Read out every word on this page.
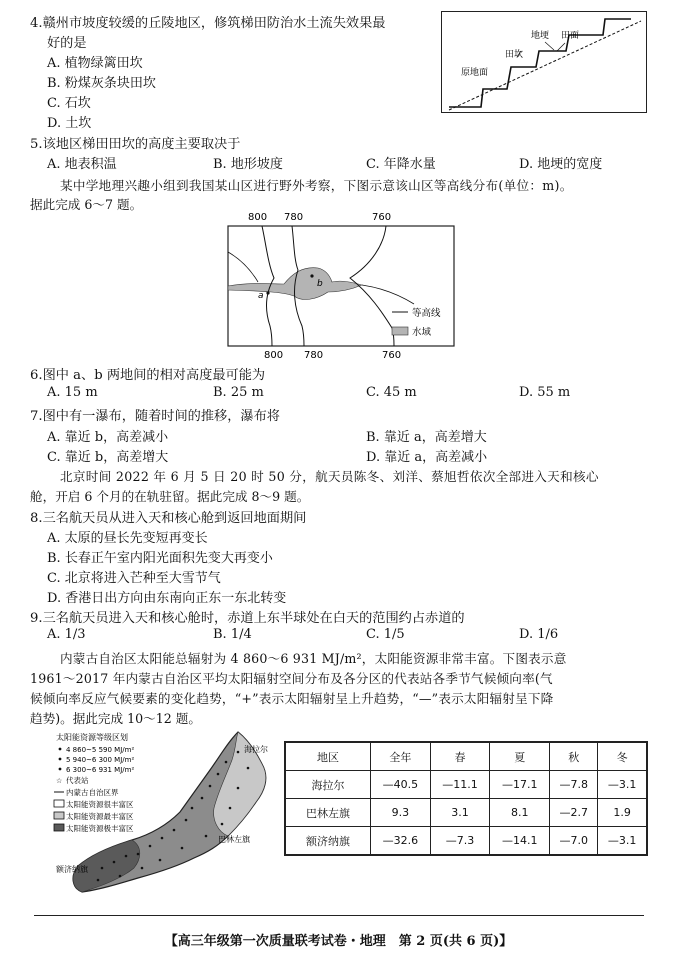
4.赣州市坡度较缓的丘陵地区，修筑梯田防治水土流失效果最
好的是
A. 植物绿篱田坎
B. 粉煤灰条块田坎
C. 石坎
D. 土坎
地埂 田面
田坎
原地面
5.该地区梯田田坎的高度主要取决于
A. 地表积温	B. 地形坡度	C. 年降水量	D. 地埂的宽度
某中学地理兴趣小组到我国某山区进行野外考察，下图示意该山区等高线分布(单位：m)。
据此完成 6～7 题。
800 780	760
a
b
等高线
水域
800 780	760
6.图中 a、b 两地间的相对高度最可能为
A. 15 m	B. 25 m	C. 45 m	D. 55 m
7.图中有一瀑布，随着时间的推移，瀑布将
A. 靠近 b，高差减小	B. 靠近 a，高差增大
C. 靠近 b，高差增大	D. 靠近 a，高差减小
北京时间 2022 年 6 月 5 日 20 时 50 分，航天员陈冬、刘洋、蔡旭哲依次全部进入天和核心
舱，开启 6 个月的在轨驻留。据此完成 8～9 题。
8.三名航天员从进入天和核心舱到返回地面期间
A. 太原的昼长先变短再变长
B. 长春正午室内阳光面积先变大再变小
C. 北京将进入芒种至大雪节气
D. 香港日出方向由东南向正东一东北转变
9.三名航天员进入天和核心舱时，赤道上东半球处在白天的范围约占赤道的
A. 1/3	B. 1/4	C. 1/5	D. 1/6
内蒙古自治区太阳能总辐射为 4 860～6 931 MJ/m²，太阳能资源非常丰富。下图表示意
1961～2017 年内蒙古自治区平均太阳辐射空间分布及各分区的代表站各季节气候倾向率(气
候倾向率反应气候要素的变化趋势，“+”表示太阳辐射呈上升趋势，“—”表示太阳辐射呈下降
趋势)。据此完成 10～12 题。
太阳能资源等级区划
4 860~5 590 MJ/m²
5 940~6 300 MJ/m²
6 300~6 931 MJ/m²
☆ 代表站
内蒙古自治区界
太阳能资源很丰富区
太阳能资源最丰富区
太阳能资源极丰富区
海拉尔
巴林左旗
额济纳旗
地区	全年	春	夏	秋	冬
海拉尔	—40.5	—11.1	—17.1	—7.8	—3.1
巴林左旗	9.3	3.1	8.1	—2.7	1.9
额济纳旗	—32.6	—7.3	—14.1	—7.0	—3.1
【高三年级第一次质量联考试卷・地理　第 2 页(共 6 页)】
